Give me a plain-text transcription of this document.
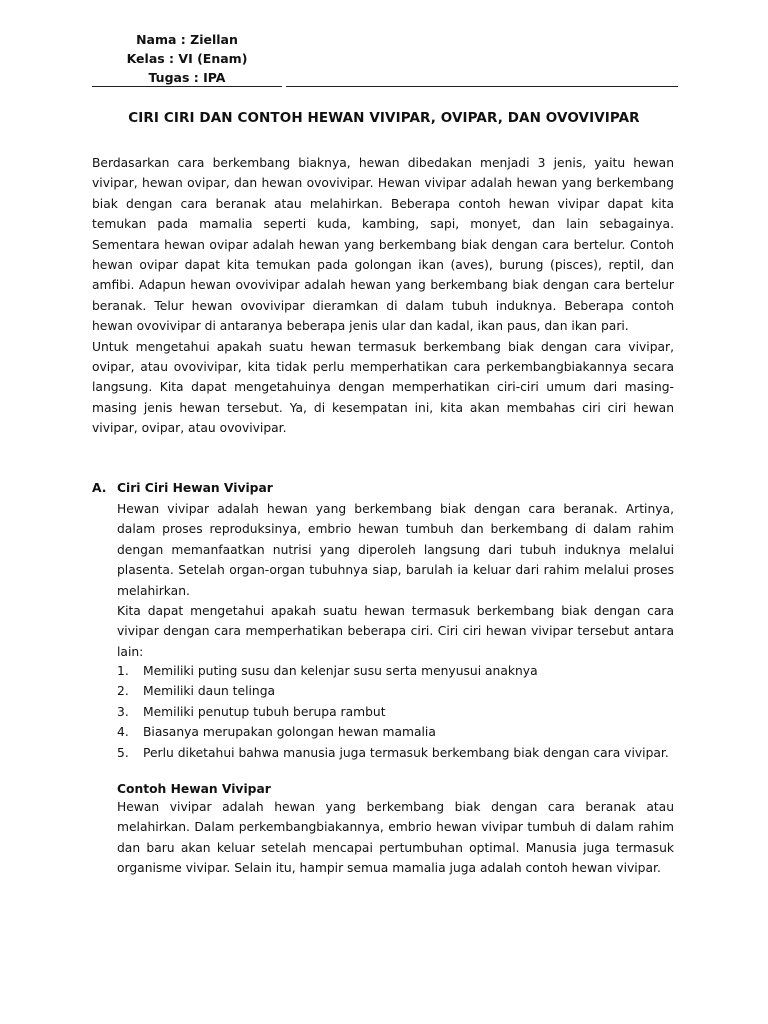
Nama : Ziellan
Kelas : VI (Enam)
Tugas : IPA
CIRI CIRI DAN CONTOH HEWAN VIVIPAR, OVIPAR, DAN OVOVIVIPAR

Berdasarkan cara berkembang biaknya, hewan dibedakan menjadi 3 jenis, yaitu hewan vivipar, hewan ovipar, dan hewan ovovivipar. Hewan vivipar adalah hewan yang berkembang biak dengan cara beranak atau melahirkan. Beberapa contoh hewan vivipar dapat kita temukan pada mamalia seperti kuda, kambing, sapi, monyet, dan lain sebagainya. Sementara hewan ovipar adalah hewan yang berkembang biak dengan cara bertelur. Contoh hewan ovipar dapat kita temukan pada golongan ikan (aves), burung (pisces), reptil, dan amfibi. Adapun hewan ovovivipar adalah hewan yang berkembang biak dengan cara bertelur beranak. Telur hewan ovovivipar dieramkan di dalam tubuh induknya. Beberapa contoh hewan ovovivipar di antaranya beberapa jenis ular dan kadal, ikan paus, dan ikan pari.

Untuk mengetahui apakah suatu hewan termasuk berkembang biak dengan cara vivipar, ovipar, atau ovovivipar, kita tidak perlu memperhatikan cara perkembangbiakannya secara langsung. Kita dapat mengetahuinya dengan memperhatikan ciri-ciri umum dari masing-masing jenis hewan tersebut. Ya, di kesempatan ini, kita akan membahas ciri ciri hewan vivipar, ovipar, atau ovovivipar.

A. Ciri Ciri Hewan Vivipar

Hewan vivipar adalah hewan yang berkembang biak dengan cara beranak. Artinya, dalam proses reproduksinya, embrio hewan tumbuh dan berkembang di dalam rahim dengan memanfaatkan nutrisi yang diperoleh langsung dari tubuh induknya melalui plasenta. Setelah organ-organ tubuhnya siap, barulah ia keluar dari rahim melalui proses melahirkan.

Kita dapat mengetahui apakah suatu hewan termasuk berkembang biak dengan cara vivipar dengan cara memperhatikan beberapa ciri. Ciri ciri hewan vivipar tersebut antara lain:

1. Memiliki puting susu dan kelenjar susu serta menyusui anaknya
2. Memiliki daun telinga
3. Memiliki penutup tubuh berupa rambut
4. Biasanya merupakan golongan hewan mamalia
5. Perlu diketahui bahwa manusia juga termasuk berkembang biak dengan cara vivipar.
Contoh Hewan Vivipar

Hewan vivipar adalah hewan yang berkembang biak dengan cara beranak atau melahirkan. Dalam perkembangbiakannya, embrio hewan vivipar tumbuh di dalam rahim dan baru akan keluar setelah mencapai pertumbuhan optimal. Manusia juga termasuk organisme vivipar. Selain itu, hampir semua mamalia juga adalah contoh hewan vivipar.
